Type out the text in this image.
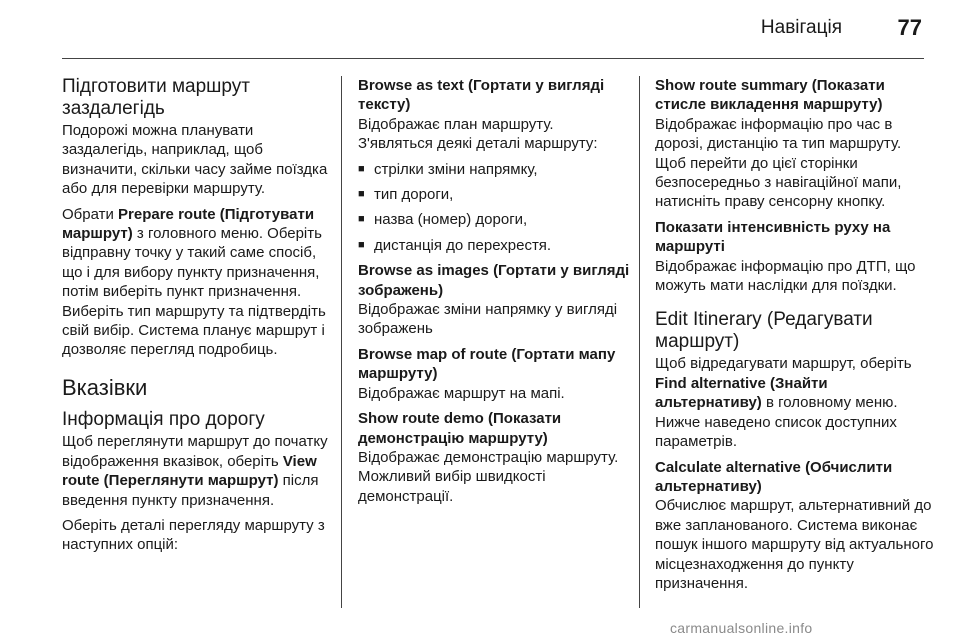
Навігація	77
Підготовити маршрут заздалегідь

Подорожі можна планувати заздалегідь, наприклад, щоб визначити, скільки часу займе поїздка або для перевірки маршруту.

Обрати Prepare route (Підготувати маршрут) з головного меню. Оберіть відправну точку у такий саме спосіб, що і для вибору пункту призначення, потім виберіть пункт призначення. Виберіть тип маршруту та підтвердіть свій вибір. Система планує маршрут і дозволяє перегляд подробиць.

Вказівки
Інформація про дорогу

Щоб переглянути маршрут до початку відображення вказівок, оберіть View route (Переглянути маршрут) після введення пункту призначення.

Оберіть деталі перегляду маршруту з наступних опцій:

Browse as text (Гортати у вигляді тексту)
Відображає план маршруту.

З'являться деякі деталі маршруту:

■ стрілки зміни напрямку,
■ тип дороги,
■ назва (номер) дороги,
■ дистанція до перехрестя.
Browse as images (Гортати у вигляді зображень)

Відображає зміни напрямку у вигляді зображень

Browse map of route (Гортати мапу маршруту)

Відображає маршрут на мапі.

Show route demo (Показати демонстрацію маршруту)

Відображає демонстрацію маршруту. Можливий вибір швидкості демонстрації.

Show route summary (Показати стисле викладення маршруту)

Відображає інформацію про час в дорозі, дистанцію та тип маршруту. Щоб перейти до цієї сторінки безпосередньо з навігаційної мапи, натисніть праву сенсорну кнопку.

Показати інтенсивність руху на маршруті

Відображає інформацію про ДТП, що можуть мати наслідки для поїздки.

Edit Itinerary (Редагувати маршрут)

Щоб відредагувати маршрут, оберіть Find alternative (Знайти альтернативу) в головному меню. Нижче наведено список доступних параметрів.

Calculate alternative (Обчислити альтернативу)

Обчислює маршрут, альтернативний до вже запланованого. Система виконає пошук іншого маршруту від актуального місцезнаходження до пункту призначення.

carmanualsonline.info
